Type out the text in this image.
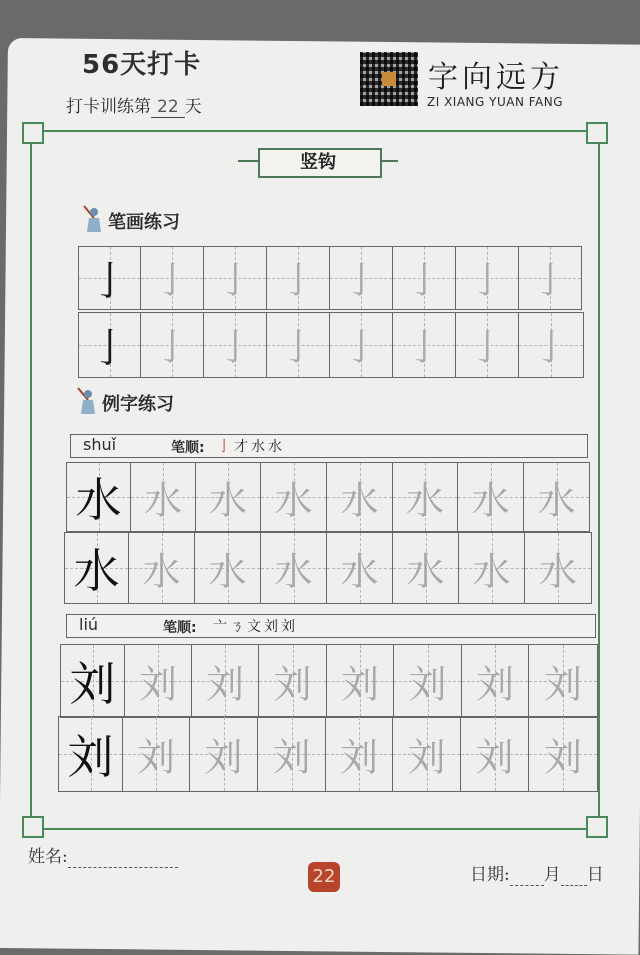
56天打卡
打卡训练第 22 天
字向远方
ZI XIANG YUAN FANG
竖钩
笔画练习
亅 亅 亅 亅 亅 亅 亅 亅
亅 亅 亅 亅 亅 亅 亅 亅
例字练习
shuǐ	笔顺: 亅才水水
水 水 水 水 水 水 水 水
水 水 水 水 水 水 水 水
liú	笔顺: 亠ㄋ文刘刘
刘 刘 刘 刘 刘 刘 刘 刘
刘 刘 刘 刘 刘 刘 刘 刘
姓名:
22	日期: 月 日
